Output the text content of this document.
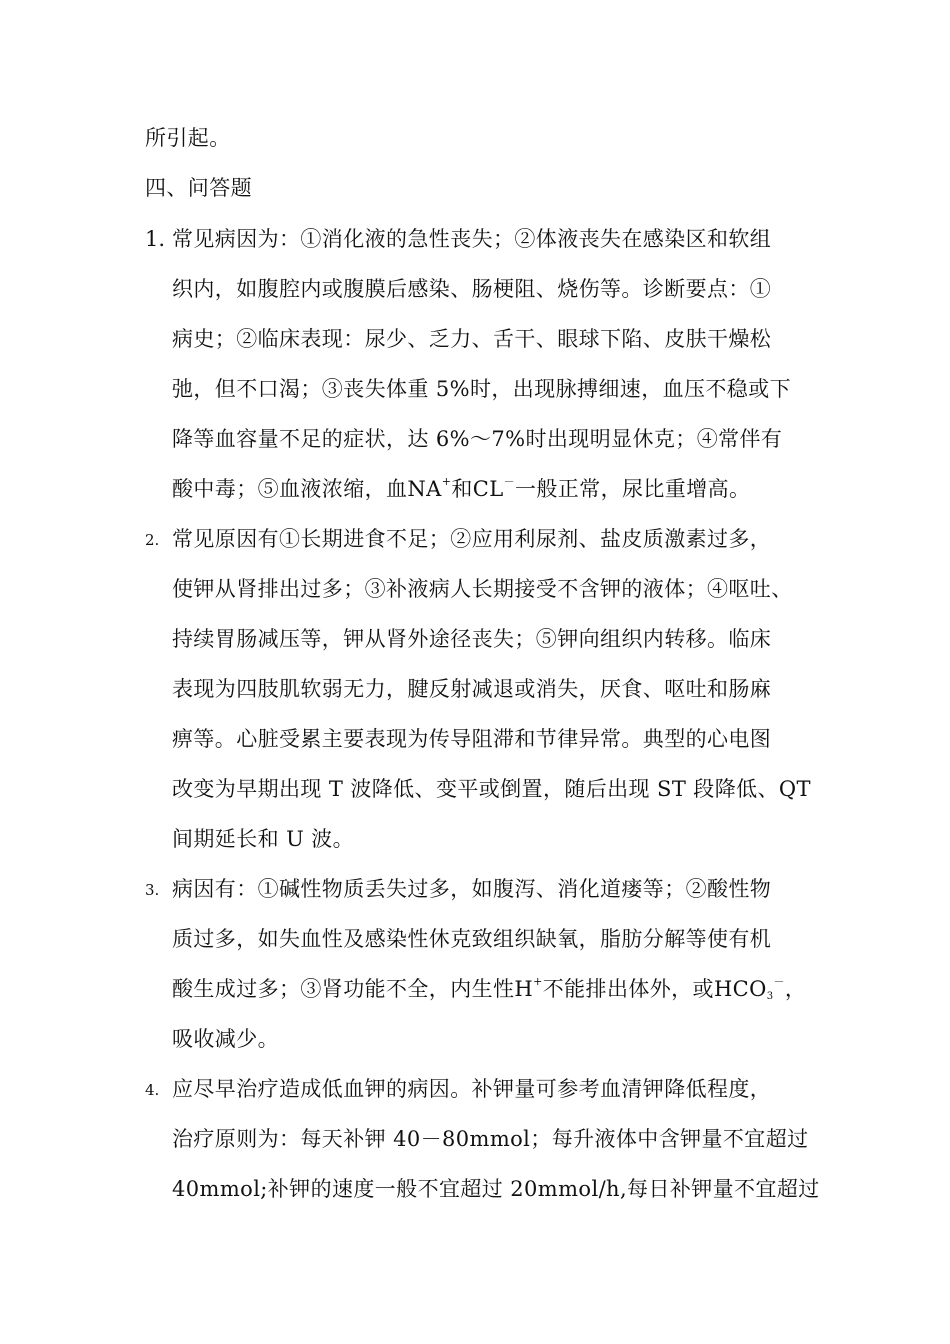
所引起。
四、问答题
1. 常见病因为：①消化液的急性丧失；②体液丧失在感染区和软组
织内，如腹腔内或腹膜后感染、肠梗阻、烧伤等。诊断要点：①
病史；②临床表现：尿少、乏力、舌干、眼球下陷、皮肤干燥松
弛，但不口渴；③丧失体重 5%时，出现脉搏细速，血压不稳或下
降等血容量不足的症状，达 6%～7%时出现明显休克；④常伴有
酸中毒；⑤血液浓缩，血NA+和CL－一般正常，尿比重增高。
2. 常见原因有①长期进食不足；②应用利尿剂、盐皮质激素过多，
使钾从肾排出过多；③补液病人长期接受不含钾的液体；④呕吐、
持续胃肠减压等，钾从肾外途径丧失；⑤钾向组织内转移。临床
表现为四肢肌软弱无力，腱反射减退或消失，厌食、呕吐和肠麻
痹等。心脏受累主要表现为传导阻滞和节律异常。典型的心电图
改变为早期出现 T 波降低、变平或倒置，随后出现 ST 段降低、QT
间期延长和 U 波。
3. 病因有：①碱性物质丢失过多，如腹泻、消化道瘘等；②酸性物
质过多，如失血性及感染性休克致组织缺氧，脂肪分解等使有机
酸生成过多；③肾功能不全，内生性H+不能排出体外，或$HCO_3^-$，
吸收减少。
4. 应尽早治疗造成低血钾的病因。补钾量可参考血清钾降低程度，
治疗原则为：每天补钾 40－80mmol；每升液体中含钾量不宜超过
40mmol;补钾的速度一般不宜超过 20mmol/h,每日补钾量不宜超过
